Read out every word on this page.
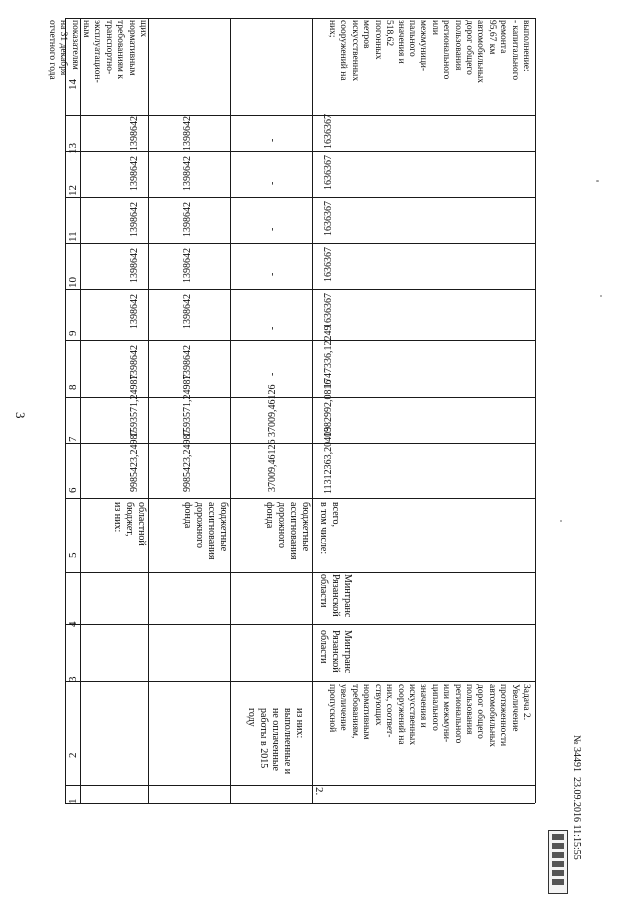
3
1
2
3
4
5
6
7
8
9
10
11
12
13
14
областной
бюджет,
из них:
9985423,24987
1593571,24987
1398642
1398642
1398642
1398642
1398642
1398642
щих
нормативным
требованиям к
транспортно-
эксплуатацион-
ным
показателям
на 31 декабря
отчетного года
бюджетные
ассигнования
дорожного
фонда
9985423,24987
1593571,24987
1398642
1398642
1398642
1398642
1398642
1398642
из них:
выполненные и
не оплаченные
работы в 2015
году
бюджетные
ассигнования
дорожного
фонда
37009,46126
37009,46126
-
-
-
-
-
-
2.
Задача 2.
Увеличение
протяженности
автомобильных
дорог общего
пользования
регионального
или межмуни-
ципального
значения и
искусственных
сооружений на
них, соответ-
ствующих
нормативным
требованиям,
увеличение
пропускной
Минтранс
Рязанской
области
Минтранс
Рязанской
области
всего,
в том числе:
11312363,20409
1382992,0816
1747336,12249
1636367
1636367
1636367
1636367
1636367
выполнение:
- капитального
ремонта
95,67 км
автомобильных
дорог общего
пользования
регионального
или
межмуници-
пального
значения и
518,62
погонных
метров
искусственных
сооружений на
них;
№ 34491  23.09.2016 11:15:55
